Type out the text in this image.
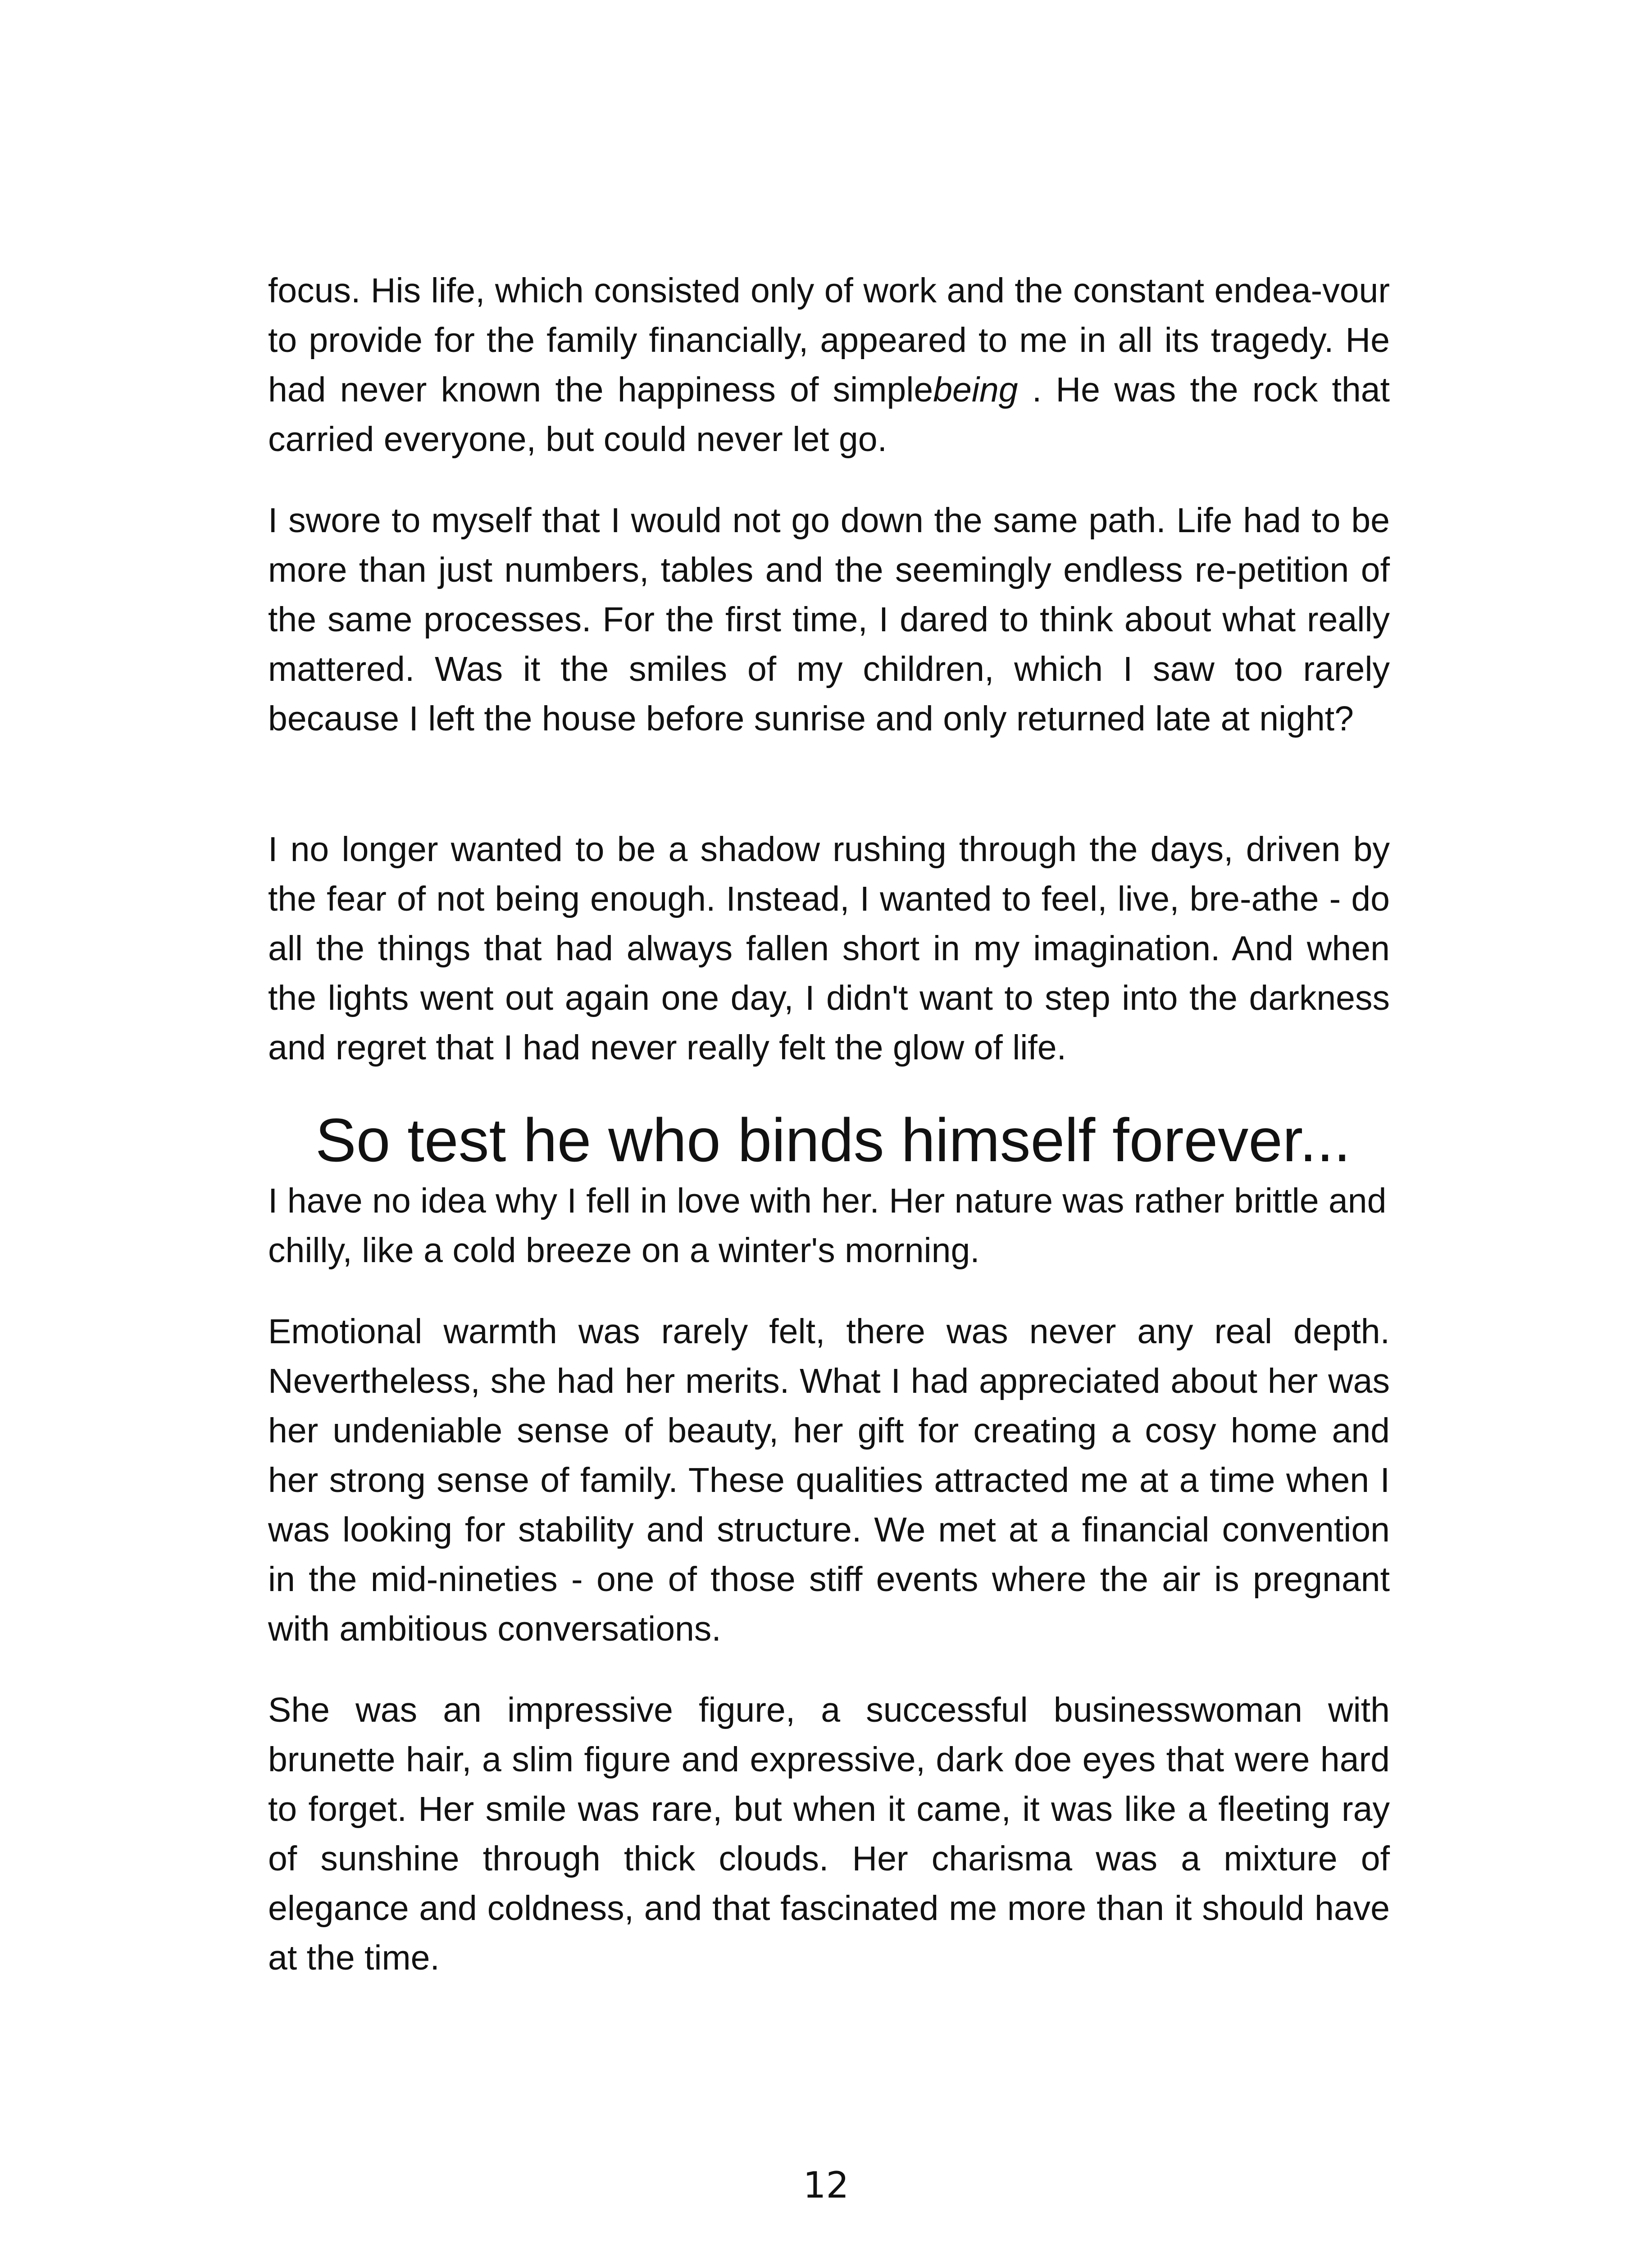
focus. His life, which consisted only of work and the constant endea-vour to provide for the family financially, appeared to me in all its tragedy. He had never known the happiness of simplebeing . He was the rock that carried everyone, but could never let go.

I swore to myself that I would not go down the same path. Life had to be more than just numbers, tables and the seemingly endless re-petition of the same processes. For the first time, I dared to think about what really mattered. Was it the smiles of my children, which I saw too rarely because I left the house before sunrise and only returned late at night?

I no longer wanted to be a shadow rushing through the days, driven by the fear of not being enough. Instead, I wanted to feel, live, bre-athe - do all the things that had always fallen short in my imagination. And when the lights went out again one day, I didn't want to step into the darkness and regret that I had never really felt the glow of life.

So test he who binds himself forever...

I have no idea why I fell in love with her. Her nature was rather brittle and chilly, like a cold breeze on a winter's morning.

Emotional warmth was rarely felt, there was never any real depth. Nevertheless, she had her merits. What I had appreciated about her was her undeniable sense of beauty, her gift for creating a cosy home and her strong sense of family. These qualities attracted me at a time when I was looking for stability and structure. We met at a financial convention in the mid-nineties - one of those stiff events where the air is pregnant with ambitious conversations.

She was an impressive figure, a successful businesswoman with brunette hair, a slim figure and expressive, dark doe eyes that were hard to forget. Her smile was rare, but when it came, it was like a fleeting ray of sunshine through thick clouds. Her charisma was a mixture of elegance and coldness, and that fascinated me more than it should have at the time.

12
